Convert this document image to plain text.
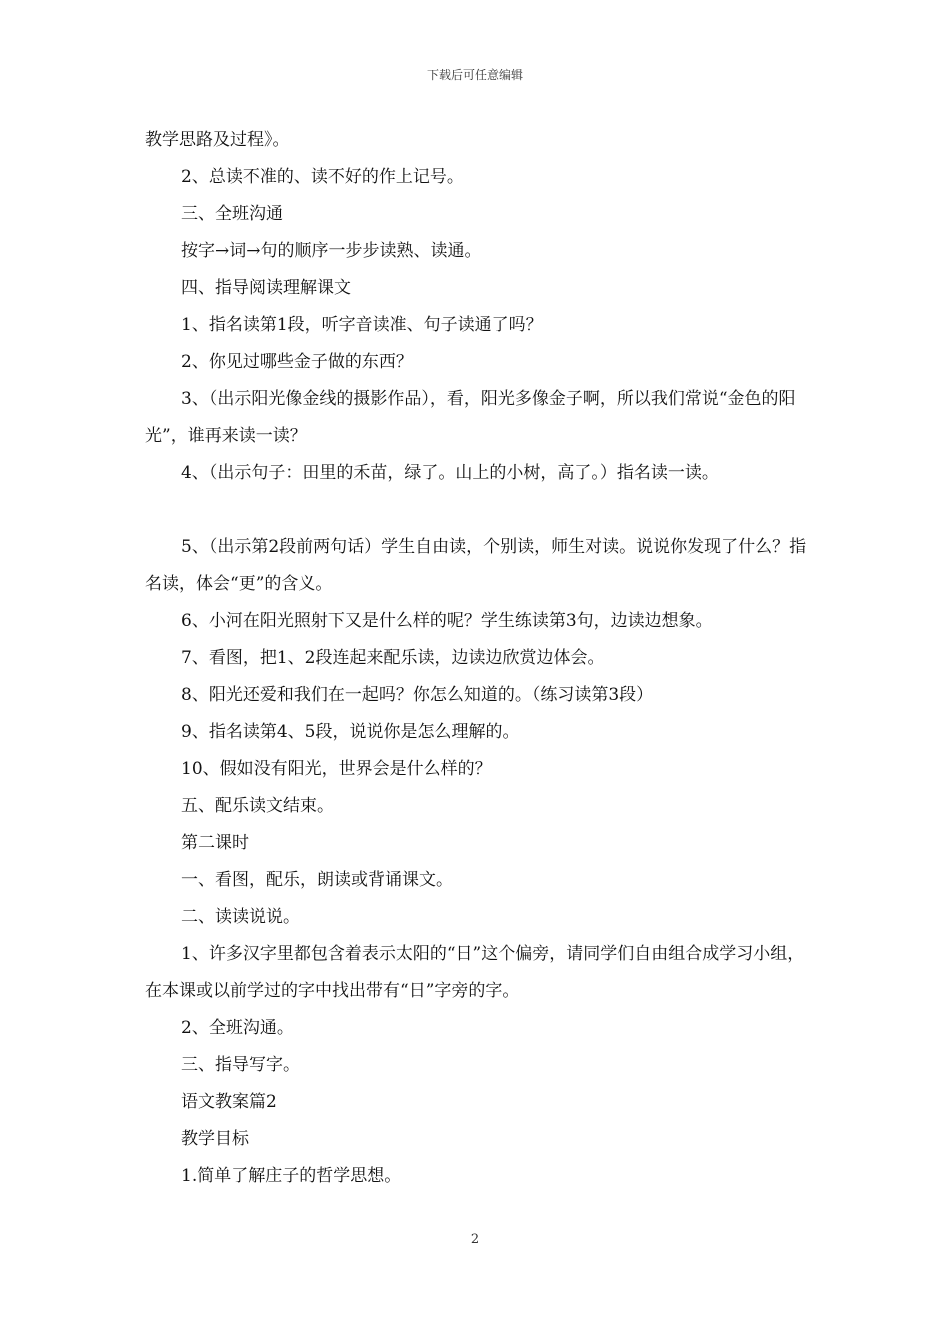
下载后可任意编辑

教学思路及过程》。

2、总读不准的、读不好的作上记号。

三、全班沟通

按字→词→句的顺序一步步读熟、读通。

四、指导阅读理解课文

1、指名读第1段，听字音读准、句子读通了吗？

2、你见过哪些金子做的东西？

3、（出示阳光像金线的摄影作品），看，阳光多像金子啊，所以我们常说“金色的阳光”，谁再来读一读？

4、（出示句子：田里的禾苗，绿了。山上的小树，高了。）指名读一读。

5、（出示第2段前两句话）学生自由读，个别读，师生对读。说说你发现了什么？指名读，体会“更”的含义。

6、小河在阳光照射下又是什么样的呢？学生练读第3句，边读边想象。

7、看图，把1、2段连起来配乐读，边读边欣赏边体会。

8、阳光还爱和我们在一起吗？你怎么知道的。（练习读第3段）

9、指名读第4、5段，说说你是怎么理解的。

10、假如没有阳光，世界会是什么样的？

五、配乐读文结束。

第二课时

一、看图，配乐，朗读或背诵课文。

二、读读说说。

1、许多汉字里都包含着表示太阳的“日”这个偏旁，请同学们自由组合成学习小组，在本课或以前学过的字中找出带有“日”字旁的字。

2、全班沟通。

三、指导写字。

语文教案篇2

教学目标

1.简单了解庄子的哲学思想。

2
